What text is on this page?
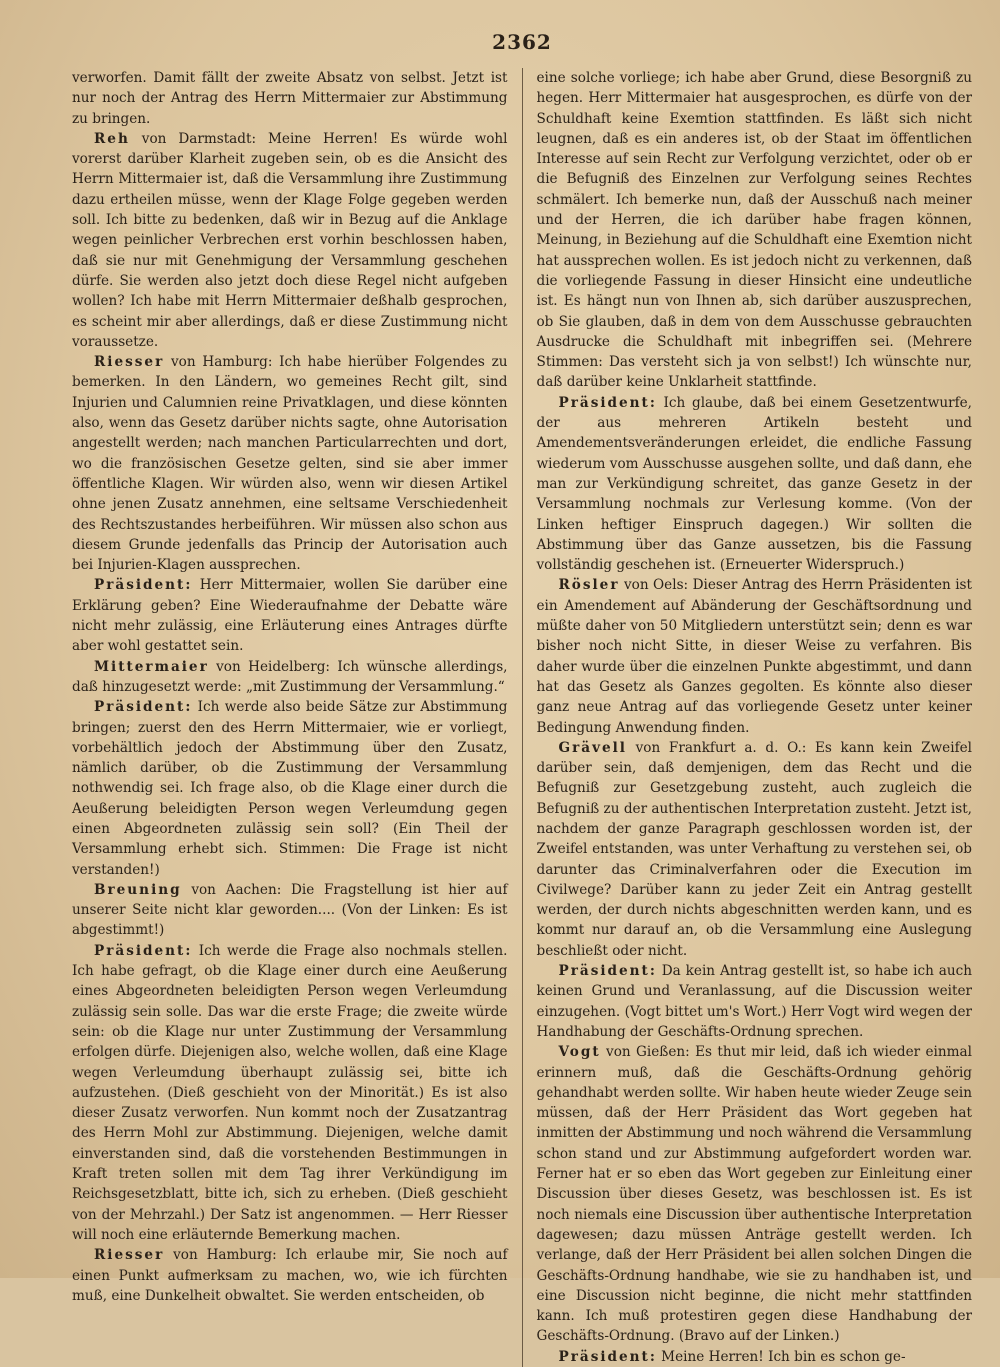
2362

verworfen. Damit fällt der zweite Absatz von selbst. Jetzt ist nur noch der Antrag des Herrn Mittermaier zur Abstimmung zu bringen.

Reh von Darmstadt: Meine Herren! Es würde wohl vorerst darüber Klarheit zugeben sein, ob es die Ansicht des Herrn Mittermaier ist, daß die Versammlung ihre Zustimmung dazu ertheilen müsse, wenn der Klage Folge gegeben werden soll. Ich bitte zu bedenken, daß wir in Bezug auf die Anklage wegen peinlicher Verbrechen erst vorhin beschlossen haben, daß sie nur mit Genehmigung der Versammlung geschehen dürfe. Sie werden also jetzt doch diese Regel nicht aufgeben wollen? Ich habe mit Herrn Mittermaier deßhalb gesprochen, es scheint mir aber allerdings, daß er diese Zustimmung nicht voraussetze.

Riesser von Hamburg: Ich habe hierüber Folgendes zu bemerken. In den Ländern, wo gemeines Recht gilt, sind Injurien und Calumnien reine Privatklagen, und diese könnten also, wenn das Gesetz darüber nichts sagte, ohne Autorisation angestellt werden; nach manchen Particularrechten und dort, wo die französischen Gesetze gelten, sind sie aber immer öffentliche Klagen. Wir würden also, wenn wir diesen Artikel ohne jenen Zusatz annehmen, eine seltsame Verschiedenheit des Rechtszustandes herbeiführen. Wir müssen also schon aus diesem Grunde jedenfalls das Princip der Autorisation auch bei Injurien-Klagen aussprechen.

Präsident: Herr Mittermaier, wollen Sie darüber eine Erklärung geben? Eine Wiederaufnahme der Debatte wäre nicht mehr zulässig, eine Erläuterung eines Antrages dürfte aber wohl gestattet sein.

Mittermaier von Heidelberg: Ich wünsche allerdings, daß hinzugesetzt werde: „mit Zustimmung der Versammlung.“

Präsident: Ich werde also beide Sätze zur Abstimmung bringen; zuerst den des Herrn Mittermaier, wie er vorliegt, vorbehältlich jedoch der Abstimmung über den Zusatz, nämlich darüber, ob die Zustimmung der Versammlung nothwendig sei. Ich frage also, ob die Klage einer durch die Aeußerung beleidigten Person wegen Verleumdung gegen einen Abgeordneten zulässig sein soll? (Ein Theil der Versammlung erhebt sich. Stimmen: Die Frage ist nicht verstanden!)

Breuning von Aachen: Die Fragstellung ist hier auf unserer Seite nicht klar geworden.... (Von der Linken: Es ist abgestimmt!)

Präsident: Ich werde die Frage also nochmals stellen. Ich habe gefragt, ob die Klage einer durch eine Aeußerung eines Abgeordneten beleidigten Person wegen Verleumdung zulässig sein solle. Das war die erste Frage; die zweite würde sein: ob die Klage nur unter Zustimmung der Versammlung erfolgen dürfe. Diejenigen also, welche wollen, daß eine Klage wegen Verleumdung überhaupt zulässig sei, bitte ich aufzustehen. (Dieß geschieht von der Minorität.) Es ist also dieser Zusatz verworfen. Nun kommt noch der Zusatzantrag des Herrn Mohl zur Abstimmung. Diejenigen, welche damit einverstanden sind, daß die vorstehenden Bestimmungen in Kraft treten sollen mit dem Tag ihrer Verkündigung im Reichsgesetzblatt, bitte ich, sich zu erheben. (Dieß geschieht von der Mehrzahl.) Der Satz ist angenommen. — Herr Riesser will noch eine erläuternde Bemerkung machen.

Riesser von Hamburg: Ich erlaube mir, Sie noch auf einen Punkt aufmerksam zu machen, wo, wie ich fürchten muß, eine Dunkelheit obwaltet. Sie werden entscheiden, ob

eine solche vorliege; ich habe aber Grund, diese Besorgniß zu hegen. Herr Mittermaier hat ausgesprochen, es dürfe von der Schuldhaft keine Exemtion stattfinden. Es läßt sich nicht leugnen, daß es ein anderes ist, ob der Staat im öffentlichen Interesse auf sein Recht zur Verfolgung verzichtet, oder ob er die Befugniß des Einzelnen zur Verfolgung seines Rechtes schmälert. Ich bemerke nun, daß der Ausschuß nach meiner und der Herren, die ich darüber habe fragen können, Meinung, in Beziehung auf die Schuldhaft eine Exemtion nicht hat aussprechen wollen. Es ist jedoch nicht zu verkennen, daß die vorliegende Fassung in dieser Hinsicht eine undeutliche ist. Es hängt nun von Ihnen ab, sich darüber auszusprechen, ob Sie glauben, daß in dem von dem Ausschusse gebrauchten Ausdrucke die Schuldhaft mit inbegriffen sei. (Mehrere Stimmen: Das versteht sich ja von selbst!) Ich wünschte nur, daß darüber keine Unklarheit stattfinde.

Präsident: Ich glaube, daß bei einem Gesetzentwurfe, der aus mehreren Artikeln besteht und Amendementsveränderungen erleidet, die endliche Fassung wiederum vom Ausschusse ausgehen sollte, und daß dann, ehe man zur Verkündigung schreitet, das ganze Gesetz in der Versammlung nochmals zur Verlesung komme. (Von der Linken heftiger Einspruch dagegen.) Wir sollten die Abstimmung über das Ganze aussetzen, bis die Fassung vollständig geschehen ist. (Erneuerter Widerspruch.)

Rösler von Oels: Dieser Antrag des Herrn Präsidenten ist ein Amendement auf Abänderung der Geschäftsordnung und müßte daher von 50 Mitgliedern unterstützt sein; denn es war bisher noch nicht Sitte, in dieser Weise zu verfahren. Bis daher wurde über die einzelnen Punkte abgestimmt, und dann hat das Gesetz als Ganzes gegolten. Es könnte also dieser ganz neue Antrag auf das vorliegende Gesetz unter keiner Bedingung Anwendung finden.

Grävell von Frankfurt a. d. O.: Es kann kein Zweifel darüber sein, daß demjenigen, dem das Recht und die Befugniß zur Gesetzgebung zusteht, auch zugleich die Befugniß zu der authentischen Interpretation zusteht. Jetzt ist, nachdem der ganze Paragraph geschlossen worden ist, der Zweifel entstanden, was unter Verhaftung zu verstehen sei, ob darunter das Criminalverfahren oder die Execution im Civilwege? Darüber kann zu jeder Zeit ein Antrag gestellt werden, der durch nichts abgeschnitten werden kann, und es kommt nur darauf an, ob die Versammlung eine Auslegung beschließt oder nicht.

Präsident: Da kein Antrag gestellt ist, so habe ich auch keinen Grund und Veranlassung, auf die Discussion weiter einzugehen. (Vogt bittet um's Wort.) Herr Vogt wird wegen der Handhabung der Geschäfts-Ordnung sprechen.

Vogt von Gießen: Es thut mir leid, daß ich wieder einmal erinnern muß, daß die Geschäfts-Ordnung gehörig gehandhabt werden sollte. Wir haben heute wieder Zeuge sein müssen, daß der Herr Präsident das Wort gegeben hat inmitten der Abstimmung und noch während die Versammlung schon stand und zur Abstimmung aufgefordert worden war. Ferner hat er so eben das Wort gegeben zur Einleitung einer Discussion über dieses Gesetz, was beschlossen ist. Es ist noch niemals eine Discussion über authentische Interpretation dagewesen; dazu müssen Anträge gestellt werden. Ich verlange, daß der Herr Präsident bei allen solchen Dingen die Geschäfts-Ordnung handhabe, wie sie zu handhaben ist, und eine Discussion nicht beginne, die nicht mehr stattfinden kann. Ich muß protestiren gegen diese Handhabung der Geschäfts-Ordnung. (Bravo auf der Linken.)

Präsident: Meine Herren! Ich bin es schon ge-
